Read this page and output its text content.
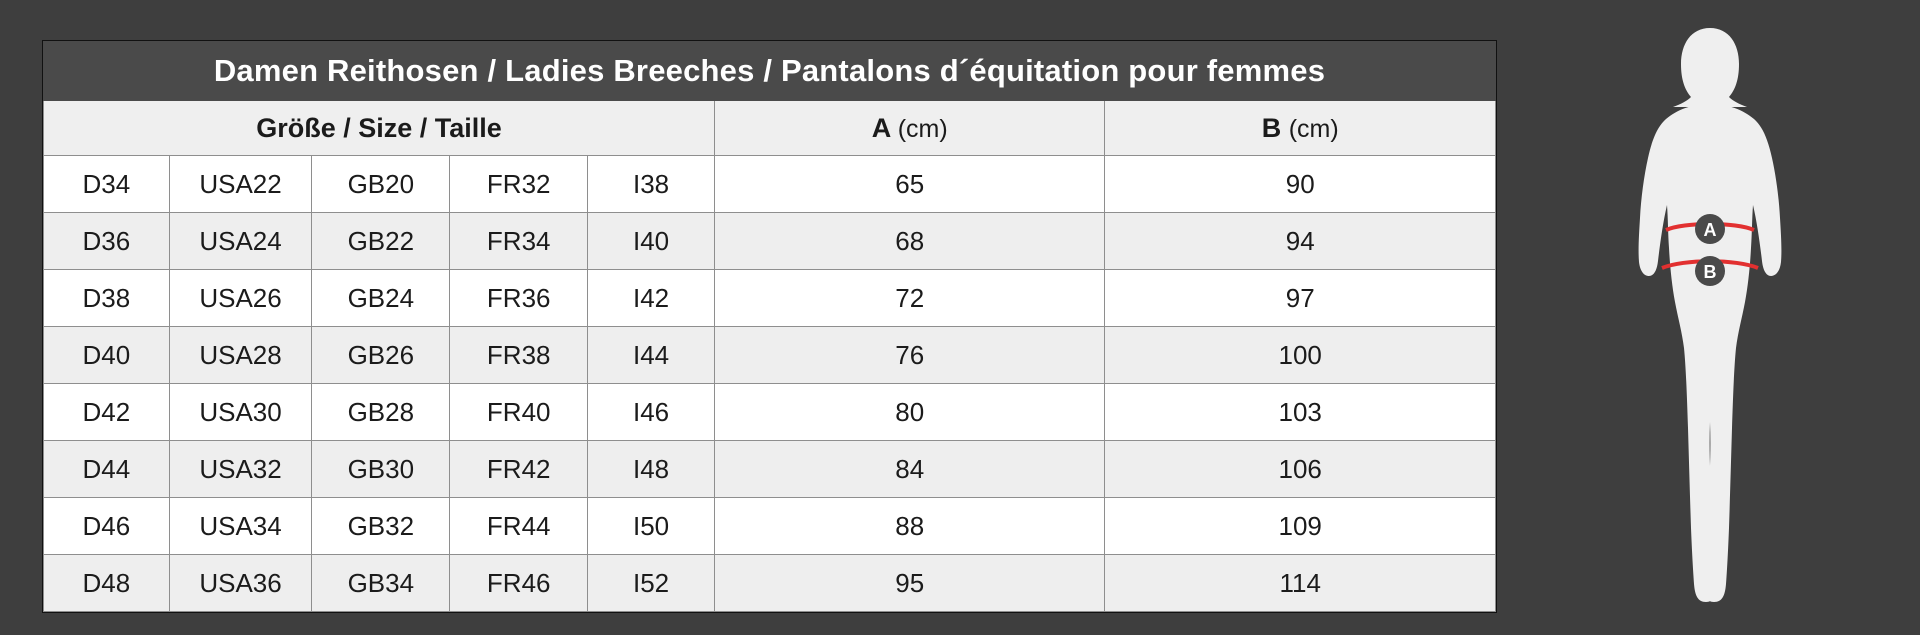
Damen Reithosen / Ladies Breeches / Pantalons d´équitation pour femmes						
Größe / Size / Taille					A (cm)	B (cm)
D34	USA22	GB20	FR32	I38	65	90
D36	USA24	GB22	FR34	I40	68	94
D38	USA26	GB24	FR36	I42	72	97
D40	USA28	GB26	FR38	I44	76	100
D42	USA30	GB28	FR40	I46	80	103
D44	USA32	GB30	FR42	I48	84	106
D46	USA34	GB32	FR44	I50	88	109
D48	USA36	GB34	FR46	I52	95	114
A
B
